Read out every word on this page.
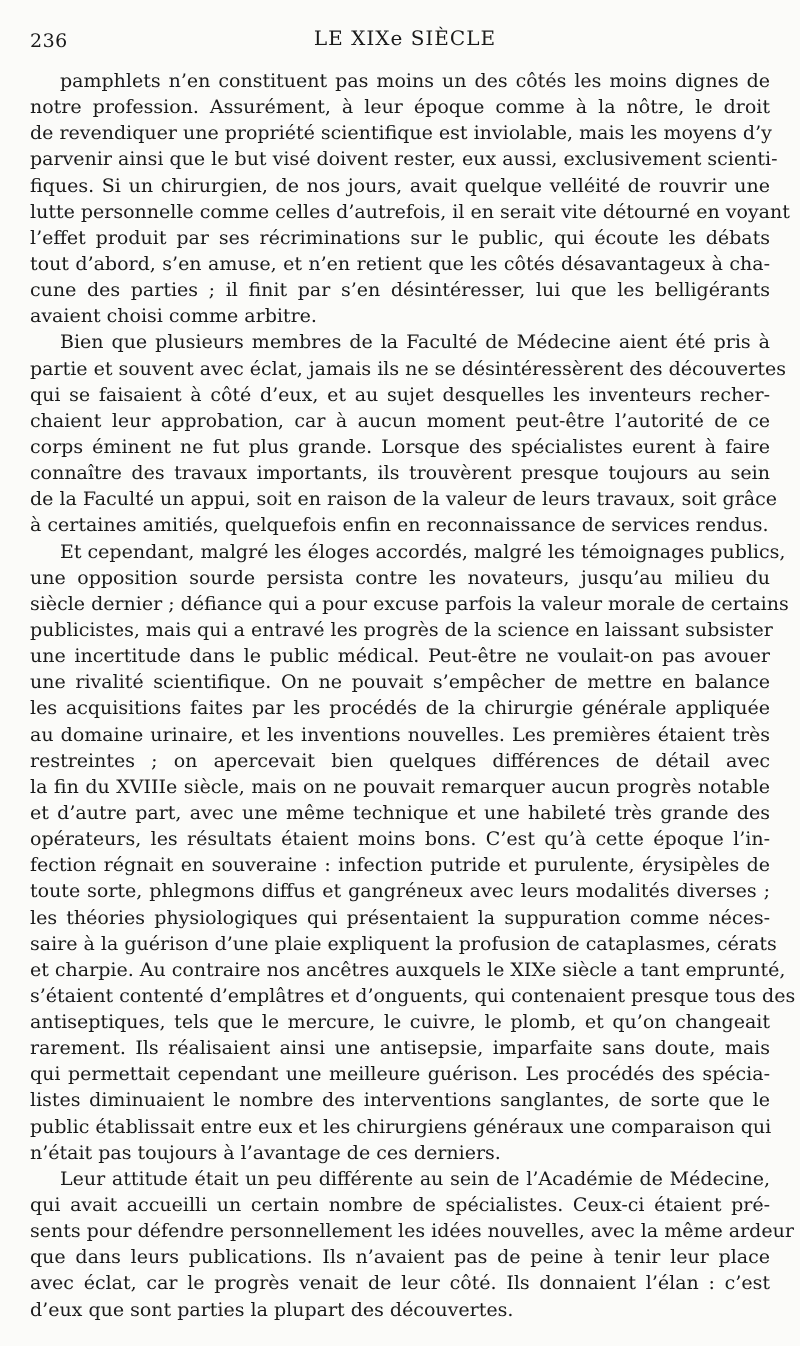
236	LE XIXe SIÈCLE
pamphlets n’en constituent pas moins un des côtés les moins dignes de
notre profession. Assurément, à leur époque comme à la nôtre, le droit
de revendiquer une propriété scientifique est inviolable, mais les moyens d’y
parvenir ainsi que le but visé doivent rester, eux aussi, exclusivement scienti-
fiques. Si un chirurgien, de nos jours, avait quelque velléité de rouvrir une
lutte personnelle comme celles d’autrefois, il en serait vite détourné en voyant
l’effet produit par ses récriminations sur le public, qui écoute les débats
tout d’abord, s’en amuse, et n’en retient que les côtés désavantageux à cha-
cune des parties ; il finit par s’en désintéresser, lui que les belligérants
avaient choisi comme arbitre.
Bien que plusieurs membres de la Faculté de Médecine aient été pris à
partie et souvent avec éclat, jamais ils ne se désintéressèrent des découvertes
qui se faisaient à côté d’eux, et au sujet desquelles les inventeurs recher-
chaient leur approbation, car à aucun moment peut-être l’autorité de ce
corps éminent ne fut plus grande. Lorsque des spécialistes eurent à faire
connaître des travaux importants, ils trouvèrent presque toujours au sein
de la Faculté un appui, soit en raison de la valeur de leurs travaux, soit grâce
à certaines amitiés, quelquefois enfin en reconnaissance de services rendus.
Et cependant, malgré les éloges accordés, malgré les témoignages publics,
une opposition sourde persista contre les novateurs, jusqu’au milieu du
siècle dernier ; défiance qui a pour excuse parfois la valeur morale de certains
publicistes, mais qui a entravé les progrès de la science en laissant subsister
une incertitude dans le public médical. Peut-être ne voulait-on pas avouer
une rivalité scientifique. On ne pouvait s’empêcher de mettre en balance
les acquisitions faites par les procédés de la chirurgie générale appliquée
au domaine urinaire, et les inventions nouvelles. Les premières étaient très
restreintes ; on apercevait bien quelques différences de détail avec
la fin du XVIIIe siècle, mais on ne pouvait remarquer aucun progrès notable
et d’autre part, avec une même technique et une habileté très grande des
opérateurs, les résultats étaient moins bons. C’est qu’à cette époque l’in-
fection régnait en souveraine : infection putride et purulente, érysipèles de
toute sorte, phlegmons diffus et gangréneux avec leurs modalités diverses ;
les théories physiologiques qui présentaient la suppuration comme néces-
saire à la guérison d’une plaie expliquent la profusion de cataplasmes, cérats
et charpie. Au contraire nos ancêtres auxquels le XIXe siècle a tant emprunté,
s’étaient contenté d’emplâtres et d’onguents, qui contenaient presque tous des
antiseptiques, tels que le mercure, le cuivre, le plomb, et qu’on changeait
rarement. Ils réalisaient ainsi une antisepsie, imparfaite sans doute, mais
qui permettait cependant une meilleure guérison. Les procédés des spécia-
listes diminuaient le nombre des interventions sanglantes, de sorte que le
public établissait entre eux et les chirurgiens généraux une comparaison qui
n’était pas toujours à l’avantage de ces derniers.
Leur attitude était un peu différente au sein de l’Académie de Médecine,
qui avait accueilli un certain nombre de spécialistes. Ceux-ci étaient pré-
sents pour défendre personnellement les idées nouvelles, avec la même ardeur
que dans leurs publications. Ils n’avaient pas de peine à tenir leur place
avec éclat, car le progrès venait de leur côté. Ils donnaient l’élan : c’est
d’eux que sont parties la plupart des découvertes.
